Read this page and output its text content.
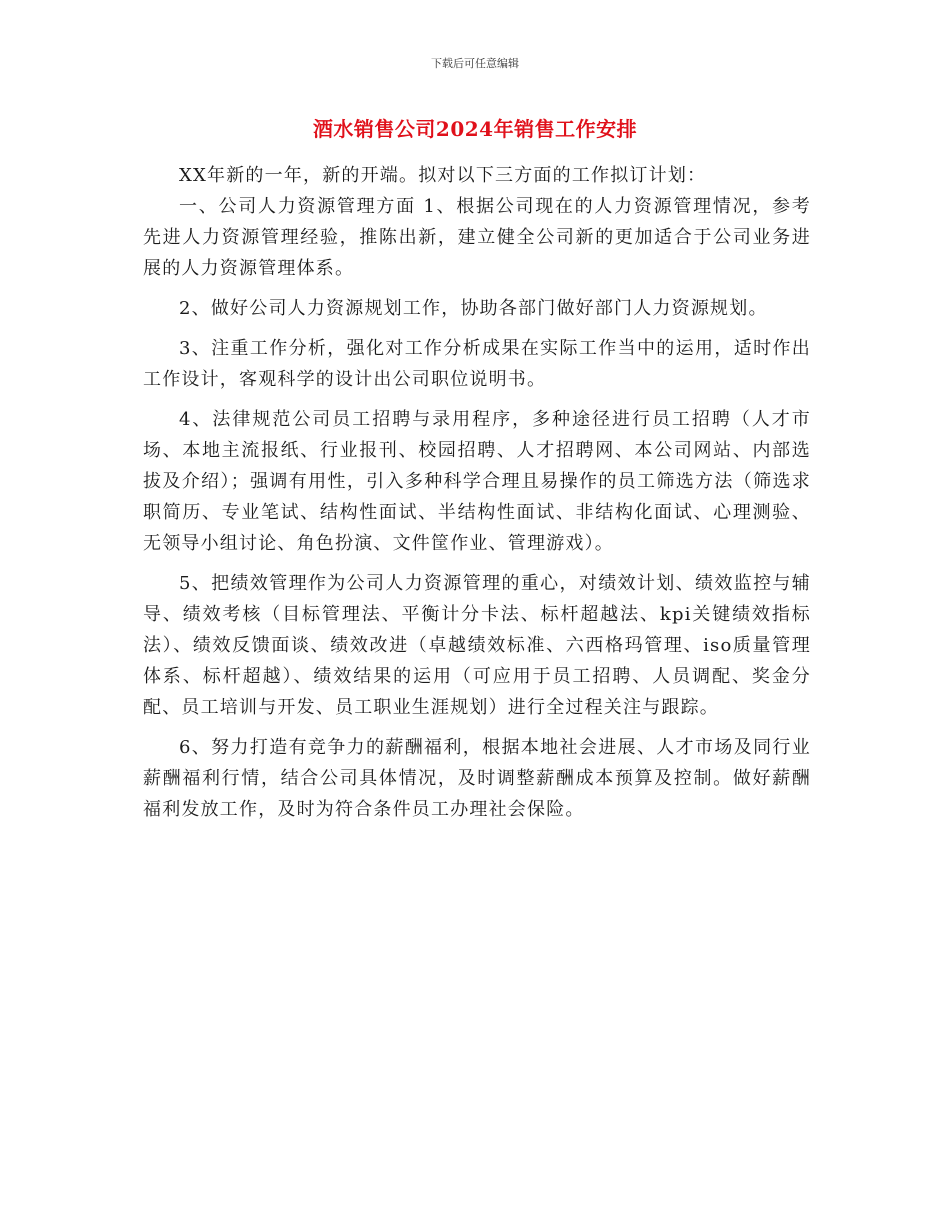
下载后可任意编辑
酒水销售公司2024年销售工作安排

XX年新的一年，新的开端。拟对以下三方面的工作拟订计划：

一、公司人力资源管理方面 1、根据公司现在的人力资源管理情况，参考先进人力资源管理经验，推陈出新，建立健全公司新的更加适合于公司业务进展的人力资源管理体系。

2、做好公司人力资源规划工作，协助各部门做好部门人力资源规划。

3、注重工作分析，强化对工作分析成果在实际工作当中的运用，适时作出工作设计，客观科学的设计出公司职位说明书。

4、法律规范公司员工招聘与录用程序，多种途径进行员工招聘（人才市场、本地主流报纸、行业报刊、校园招聘、人才招聘网、本公司网站、内部选拔及介绍）；强调有用性，引入多种科学合理且易操作的员工筛选方法（筛选求职简历、专业笔试、结构性面试、半结构性面试、非结构化面试、心理测验、无领导小组讨论、角色扮演、文件筐作业、管理游戏）。

5、把绩效管理作为公司人力资源管理的重心，对绩效计划、绩效监控与辅导、绩效考核（目标管理法、平衡计分卡法、标杆超越法、kpi关键绩效指标法）、绩效反馈面谈、绩效改进（卓越绩效标准、六西格玛管理、iso质量管理体系、标杆超越）、绩效结果的运用（可应用于员工招聘、人员调配、奖金分配、员工培训与开发、员工职业生涯规划）进行全过程关注与跟踪。

6、努力打造有竞争力的薪酬福利，根据本地社会进展、人才市场及同行业薪酬福利行情，结合公司具体情况，及时调整薪酬成本预算及控制。做好薪酬福利发放工作，及时为符合条件员工办理社会保险。
